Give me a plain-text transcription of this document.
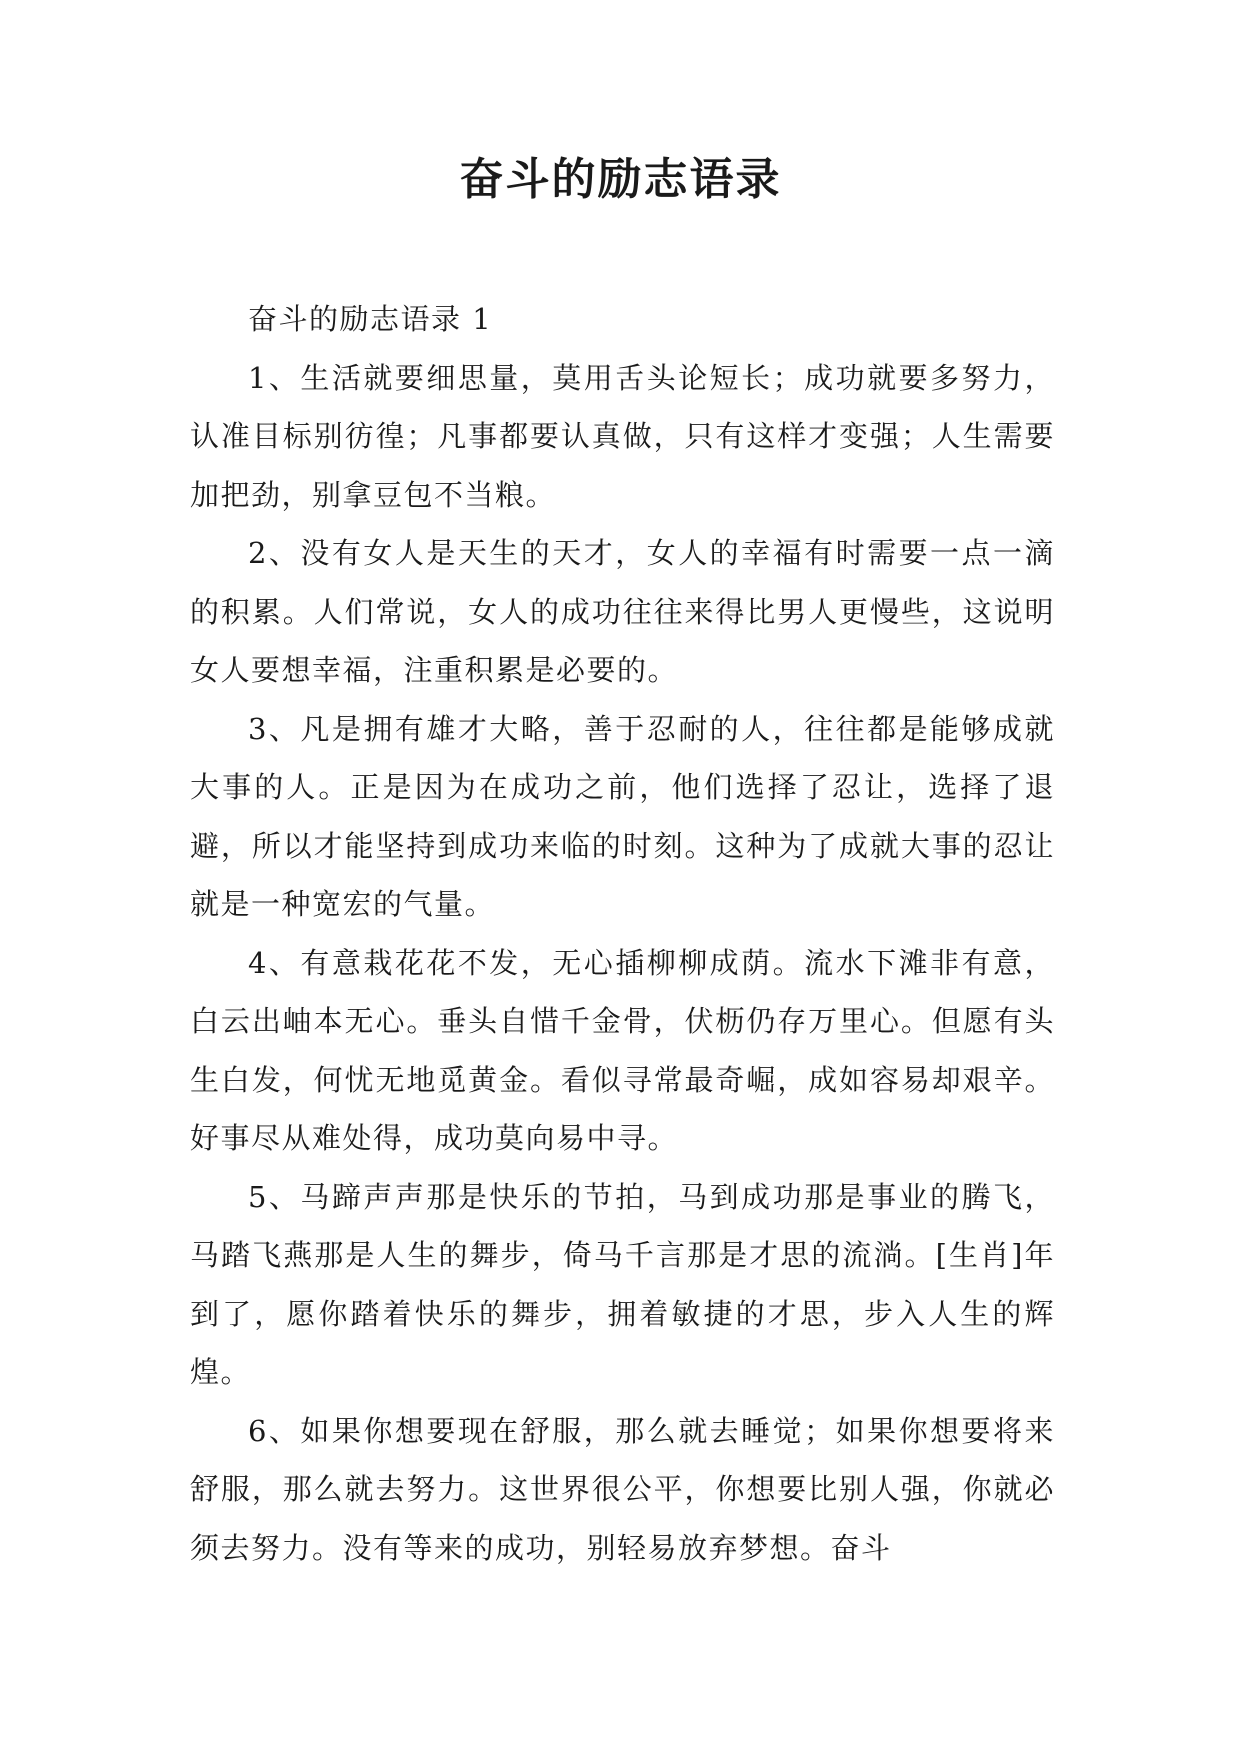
奋斗的励志语录

奋斗的励志语录 1

1、生活就要细思量，莫用舌头论短长；成功就要多努力，认准目标别彷徨；凡事都要认真做，只有这样才变强；人生需要加把劲，别拿豆包不当粮。

2、没有女人是天生的天才，女人的幸福有时需要一点一滴的积累。人们常说，女人的成功往往来得比男人更慢些，这说明女人要想幸福，注重积累是必要的。

3、凡是拥有雄才大略，善于忍耐的人，往往都是能够成就大事的人。正是因为在成功之前，他们选择了忍让，选择了退避，所以才能坚持到成功来临的时刻。这种为了成就大事的忍让就是一种宽宏的气量。

4、有意栽花花不发，无心插柳柳成荫。流水下滩非有意，白云出岫本无心。垂头自惜千金骨，伏枥仍存万里心。但愿有头生白发，何忧无地觅黄金。看似寻常最奇崛，成如容易却艰辛。好事尽从难处得，成功莫向易中寻。

5、马蹄声声那是快乐的节拍，马到成功那是事业的腾飞，马踏飞燕那是人生的舞步，倚马千言那是才思的流淌。[生肖]年到了，愿你踏着快乐的舞步，拥着敏捷的才思，步入人生的辉煌。

6、如果你想要现在舒服，那么就去睡觉；如果你想要将来舒服，那么就去努力。这世界很公平，你想要比别人强，你就必须去努力。没有等来的成功，别轻易放弃梦想。奋斗
